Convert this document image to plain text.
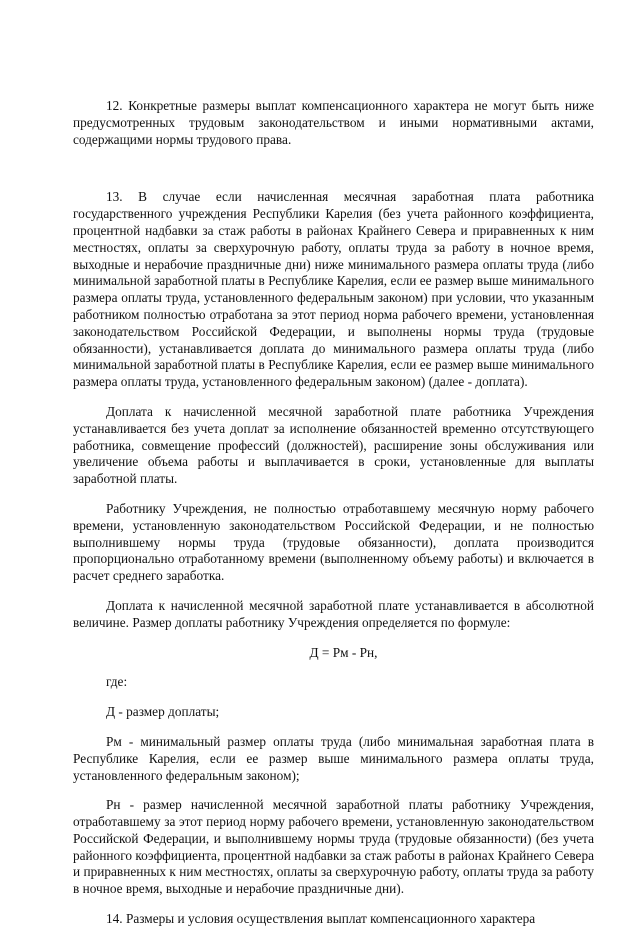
12. Конкретные размеры выплат компенсационного характера не могут быть ниже предусмотренных трудовым законодательством и иными нормативными актами, содержащими нормы трудового права.

13. В случае если начисленная месячная заработная плата работника государственного учреждения Республики Карелия (без учета районного коэффициента, процентной надбавки за стаж работы в районах Крайнего Севера и приравненных к ним местностях, оплаты за сверхурочную работу, оплаты труда за работу в ночное время, выходные и нерабочие праздничные дни) ниже минимального размера оплаты труда (либо минимальной заработной платы в Республике Карелия, если ее размер выше минимального размера оплаты труда, установленного федеральным законом) при условии, что указанным работником полностью отработана за этот период норма рабочего времени, установленная законодательством Российской Федерации, и выполнены нормы труда (трудовые обязанности), устанавливается доплата до минимального размера оплаты труда (либо минимальной заработной платы в Республике Карелия, если ее размер выше минимального размера оплаты труда, установленного федеральным законом) (далее - доплата).

Доплата к начисленной месячной заработной плате работника Учреждения устанавливается без учета доплат за исполнение обязанностей временно отсутствующего работника, совмещение профессий (должностей), расширение зоны обслуживания или увеличение объема работы и выплачивается в сроки, установленные для выплаты заработной платы.

Работнику Учреждения, не полностью отработавшему месячную норму рабочего времени, установленную законодательством Российской Федерации, и не полностью выполнившему нормы труда (трудовые обязанности), доплата производится пропорционально отработанному времени (выполненному объему работы) и включается в расчет среднего заработка.

Доплата к начисленной месячной заработной плате устанавливается в абсолютной величине. Размер доплаты работнику Учреждения определяется по формуле:

Д = Рм - Рн,

где:

Д - размер доплаты;

Рм - минимальный размер оплаты труда (либо минимальная заработная плата в Республике Карелия, если ее размер выше минимального размера оплаты труда, установленного федеральным законом);

Рн - размер начисленной месячной заработной платы работнику Учреждения, отработавшему за этот период норму рабочего времени, установленную законодательством Российской Федерации, и выполнившему нормы труда (трудовые обязанности) (без учета районного коэффициента, процентной надбавки за стаж работы в районах Крайнего Севера и приравненных к ним местностях, оплаты за сверхурочную работу, оплаты труда за работу в ночное время, выходные и нерабочие праздничные дни).

14. Размеры и условия осуществления выплат компенсационного характера
